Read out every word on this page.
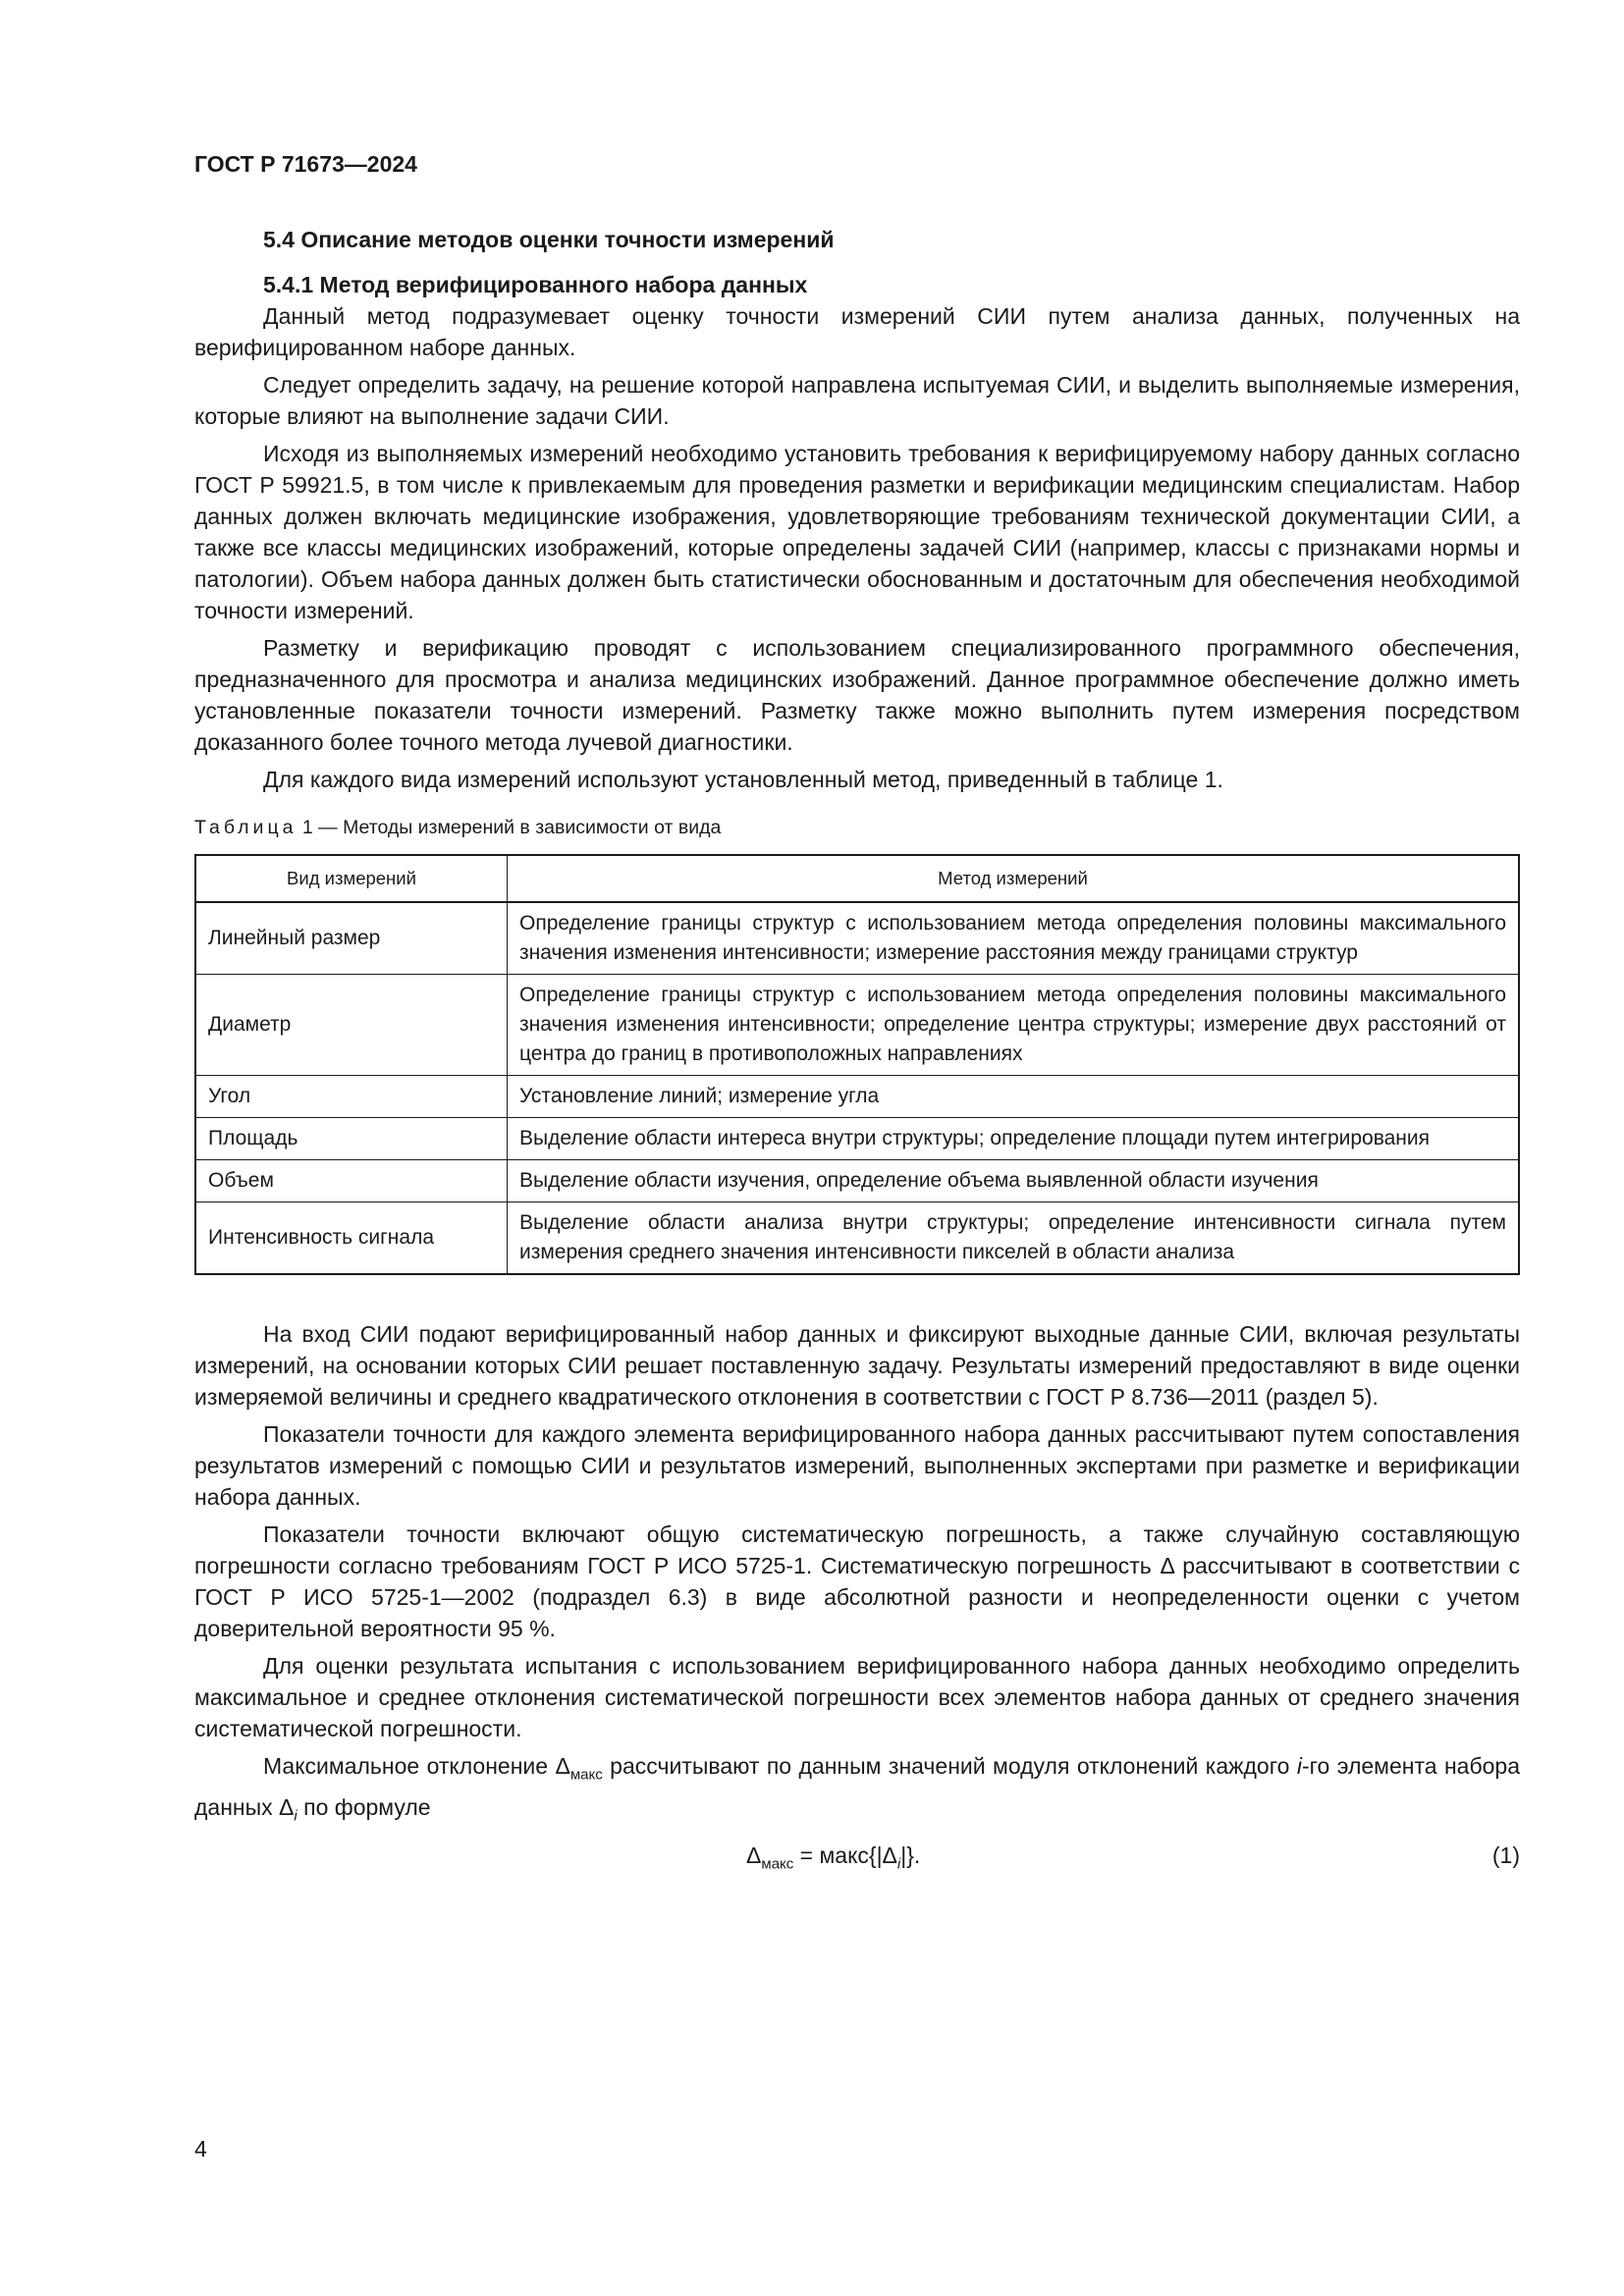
ГОСТ Р 71673—2024
5.4 Описание методов оценки точности измерений
5.4.1 Метод верифицированного набора данных

Данный метод подразумевает оценку точности измерений СИИ путем анализа данных, полученных на верифицированном наборе данных.

Следует определить задачу, на решение которой направлена испытуемая СИИ, и выделить выполняемые измерения, которые влияют на выполнение задачи СИИ.

Исходя из выполняемых измерений необходимо установить требования к верифицируемому набору данных согласно ГОСТ Р 59921.5, в том числе к привлекаемым для проведения разметки и верификации медицинским специалистам. Набор данных должен включать медицинские изображения, удовлетворяющие требованиям технической документации СИИ, а также все классы медицинских изображений, которые определены задачей СИИ (например, классы с признаками нормы и патологии). Объем набора данных должен быть статистически обоснованным и достаточным для обеспечения необходимой точности измерений.

Разметку и верификацию проводят с использованием специализированного программного обеспечения, предназначенного для просмотра и анализа медицинских изображений. Данное программное обеспечение должно иметь установленные показатели точности измерений. Разметку также можно выполнить путем измерения посредством доказанного более точного метода лучевой диагностики.

Для каждого вида измерений используют установленный метод, приведенный в таблице 1.

Таблица 1 — Методы измерений в зависимости от вида
Вид измерений	Метод измерений
Линейный размер	Определение границы структур с использованием метода определения половины максимального значения изменения интенсивности; измерение расстояния между границами структур
Диаметр	Определение границы структур с использованием метода определения половины максимального значения изменения интенсивности; определение центра структуры; измерение двух расстояний от центра до границ в противоположных направлениях
Угол	Установление линий; измерение угла
Площадь	Выделение области интереса внутри структуры; определение площади путем интегрирования
Объем	Выделение области изучения, определение объема выявленной области изучения
Интенсивность сигнала	Выделение области анализа внутри структуры; определение интенсивности сигнала путем измерения среднего значения интенсивности пикселей в области анализа

На вход СИИ подают верифицированный набор данных и фиксируют выходные данные СИИ, включая результаты измерений, на основании которых СИИ решает поставленную задачу. Результаты измерений предоставляют в виде оценки измеряемой величины и среднего квадратического отклонения в соответствии с ГОСТ Р 8.736—2011 (раздел 5).

Показатели точности для каждого элемента верифицированного набора данных рассчитывают путем сопоставления результатов измерений с помощью СИИ и результатов измерений, выполненных экспертами при разметке и верификации набора данных.

Показатели точности включают общую систематическую погрешность, а также случайную составляющую погрешности согласно требованиям ГОСТ Р ИСО 5725-1. Систематическую погрешность Δ рассчитывают в соответствии с ГОСТ Р ИСО 5725-1—2002 (подраздел 6.3) в виде абсолютной разности и неопределенности оценки с учетом доверительной вероятности 95 %.

Для оценки результата испытания с использованием верифицированного набора данных необходимо определить максимальное и среднее отклонения систематической погрешности всех элементов набора данных от среднего значения систематической погрешности.

Максимальное отклонение $\Delta_{макс}$ рассчитывают по данным значений модуля отклонений каждого i-го элемента набора данных $\Delta_i$ по формуле

$\Delta_{макс}$ = $макс\{|\Delta_i|\}$.	(1)
4
